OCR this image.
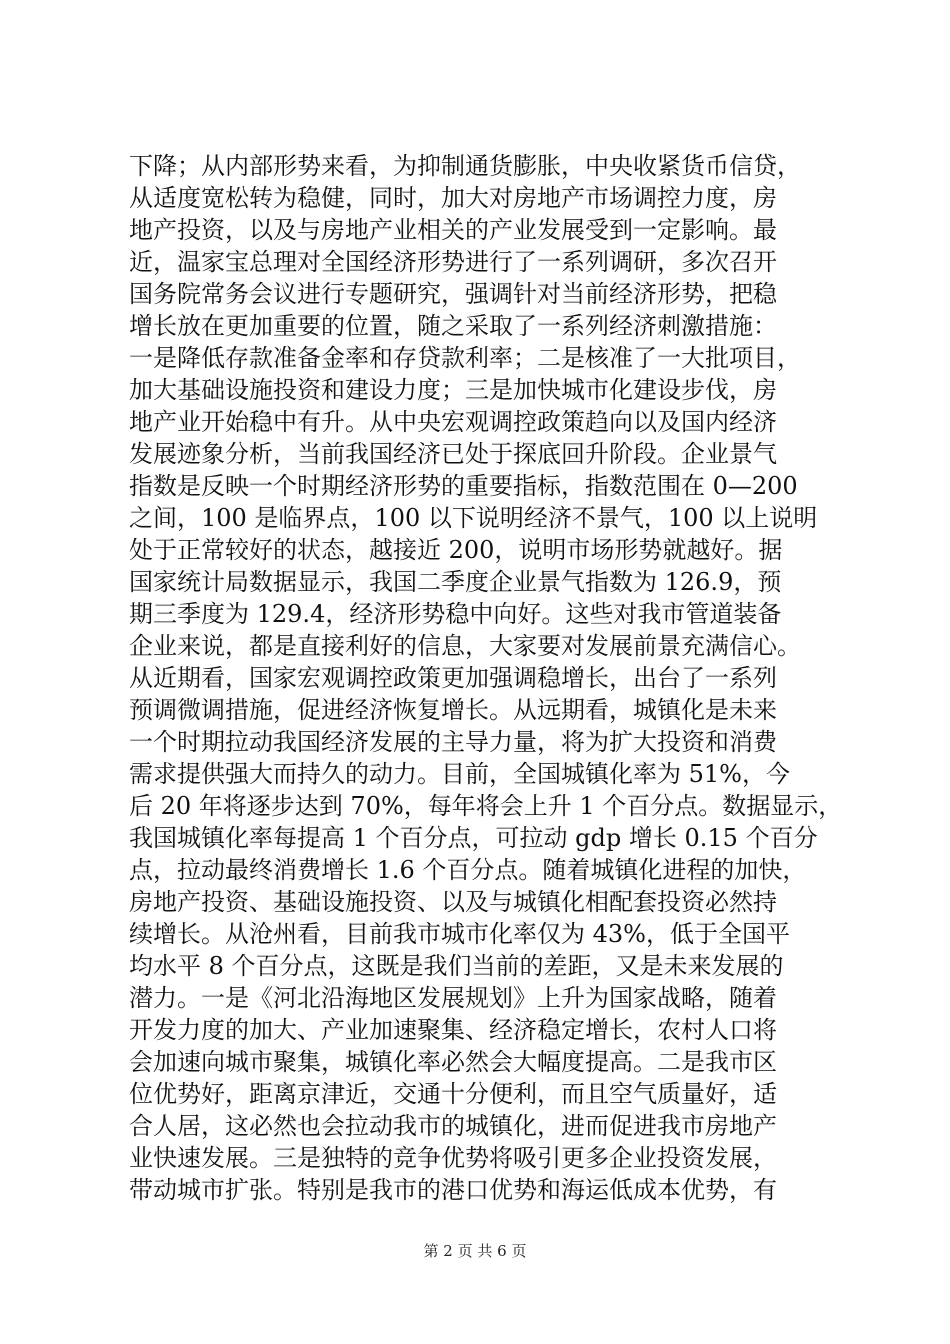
下降；从内部形势来看，为抑制通货膨胀，中央收紧货币信贷，
从适度宽松转为稳健，同时，加大对房地产市场调控力度，房
地产投资，以及与房地产业相关的产业发展受到一定影响。最
近，温家宝总理对全国经济形势进行了一系列调研，多次召开
国务院常务会议进行专题研究，强调针对当前经济形势，把稳
增长放在更加重要的位置，随之采取了一系列经济刺激措施：
一是降低存款准备金率和存贷款利率；二是核准了一大批项目，
加大基础设施投资和建设力度；三是加快城市化建设步伐，房
地产业开始稳中有升。从中央宏观调控政策趋向以及国内经济
发展迹象分析，当前我国经济已处于探底回升阶段。企业景气
指数是反映一个时期经济形势的重要指标，指数范围在 0—200
之间，100 是临界点，100 以下说明经济不景气，100 以上说明
处于正常较好的状态，越接近 200，说明市场形势就越好。据
国家统计局数据显示，我国二季度企业景气指数为 126.9，预
期三季度为 129.4，经济形势稳中向好。这些对我市管道装备
企业来说，都是直接利好的信息，大家要对发展前景充满信心。
从近期看，国家宏观调控政策更加强调稳增长，出台了一系列
预调微调措施，促进经济恢复增长。从远期看，城镇化是未来
一个时期拉动我国经济发展的主导力量，将为扩大投资和消费
需求提供强大而持久的动力。目前，全国城镇化率为 51%，今
后 20 年将逐步达到 70%，每年将会上升 1 个百分点。数据显示，
我国城镇化率每提高 1 个百分点，可拉动 gdp 增长 0.15 个百分
点，拉动最终消费增长 1.6 个百分点。随着城镇化进程的加快，
房地产投资、基础设施投资、以及与城镇化相配套投资必然持
续增长。从沧州看，目前我市城市化率仅为 43%，低于全国平
均水平 8 个百分点，这既是我们当前的差距，又是未来发展的
潜力。一是《河北沿海地区发展规划》上升为国家战略，随着
开发力度的加大、产业加速聚集、经济稳定增长，农村人口将
会加速向城市聚集，城镇化率必然会大幅度提高。二是我市区
位优势好，距离京津近，交通十分便利，而且空气质量好，适
合人居，这必然也会拉动我市的城镇化，进而促进我市房地产
业快速发展。三是独特的竞争优势将吸引更多企业投资发展，
带动城市扩张。特别是我市的港口优势和海运低成本优势，有
第 2 页 共 6 页
